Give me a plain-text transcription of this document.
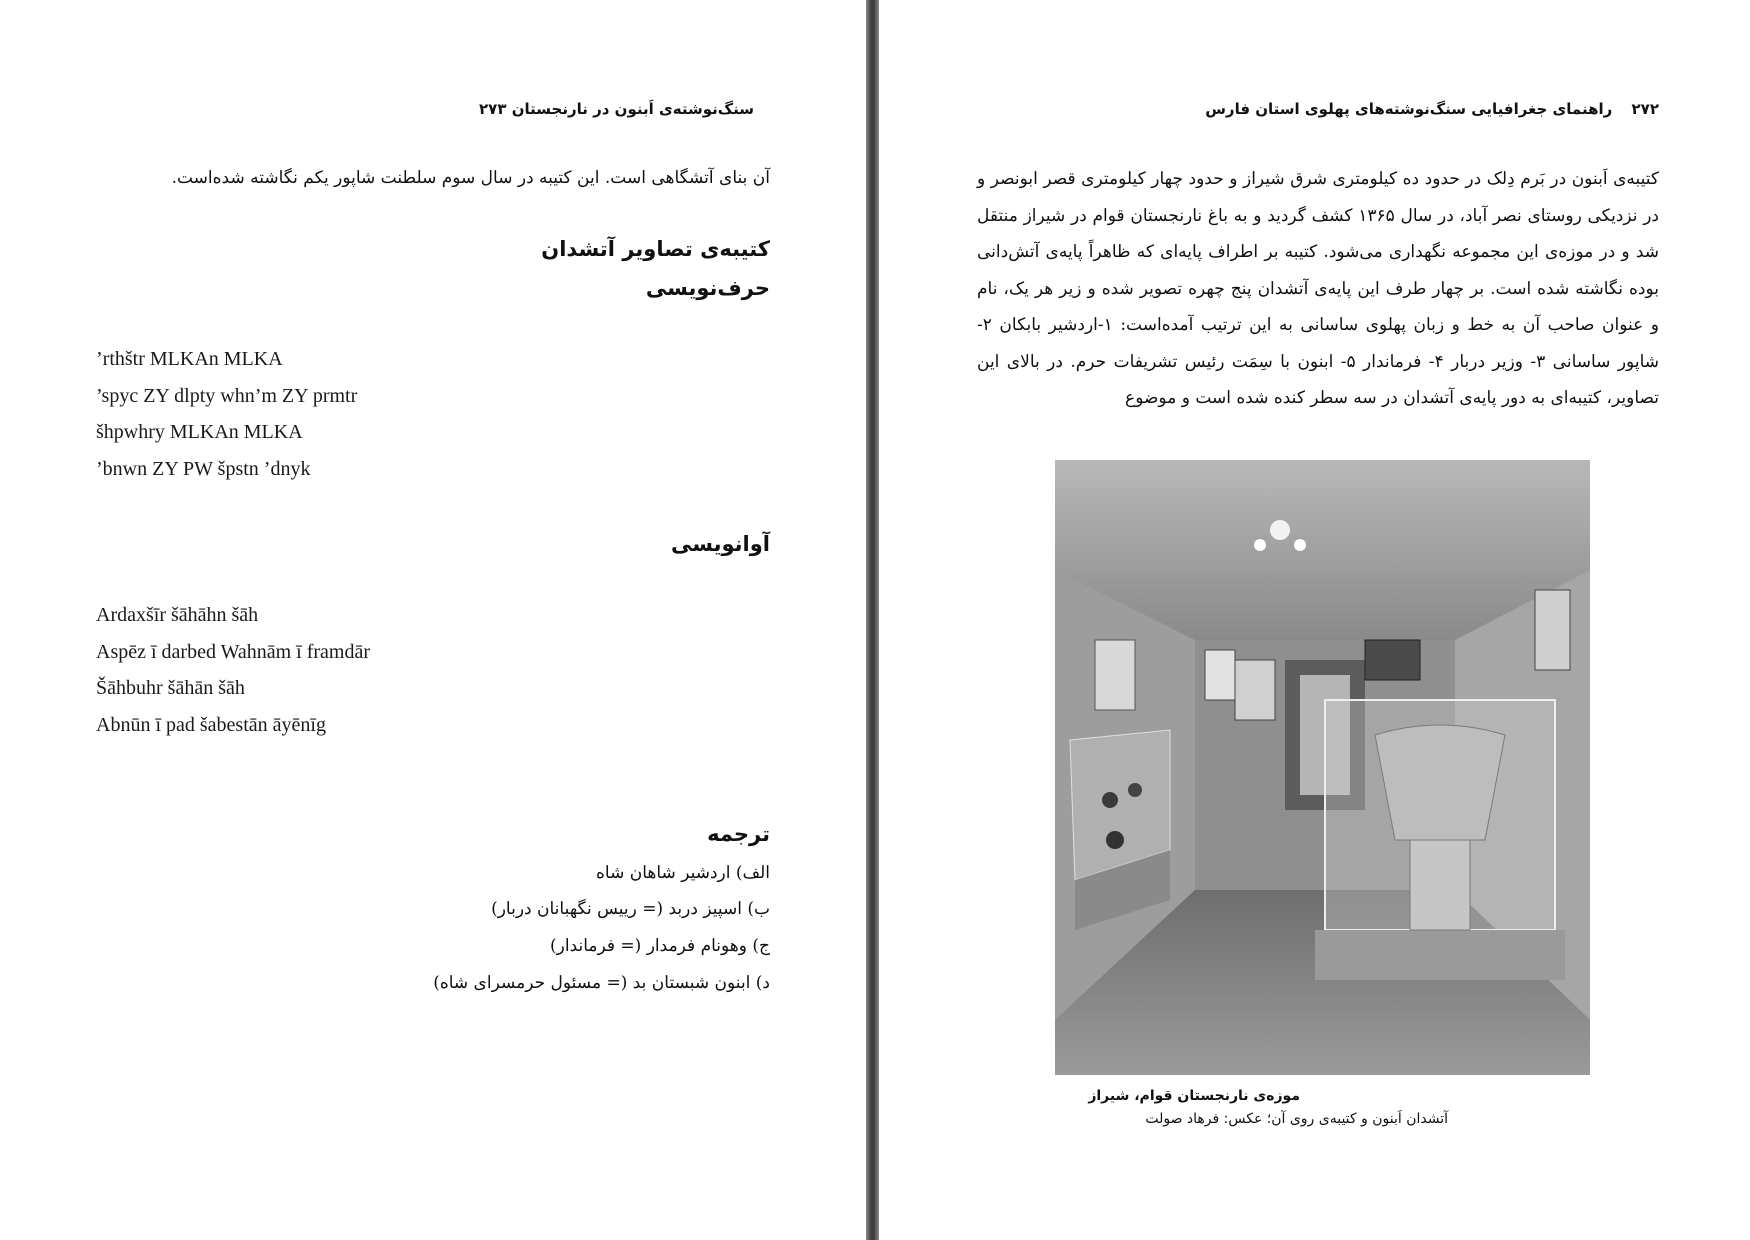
سنگ‌نوشته‌ی اَبنون در نارنجستان ۲۷۳
آن بنای آتشگاهی است. این کتیبه در سال سوم سلطنت شاپور یکم نگاشته شده‌است.
کتیبه‌ی تصاویر آتشدان
حرف‌نویسی
’rthštr MLKAn MLKA
’spyc ZY dlpty whn’m ZY prmtr
šhpwhry MLKAn MLKA
’bnwn ZY PW špstn ’dnyk
آوانویسی
Ardaxšīr šāhāhn šāh
Aspēz ī darbed Wahnām ī framdār
Šāhbuhr šāhān šāh
Abnūn ī pad šabestān āyēnīg
ترجمه
الف) اردشیر شاهان شاه
ب) اسپیز دربد (= رییس نگهبانان دربار)
ج) وهونام فرمدار (= فرماندار)
د) ابنون شبستان بد (= مسئول حرمسرای شاه)
۲۷۲ راهنمای جغرافیایی سنگ‌نوشته‌های پهلوی استان فارس
کتیبه‌ی اَبنون در بَرم دِلک در حدود ده کیلومتری شرق شیراز و حدود چهار کیلومتری قصر ابونصر و در نزدیکی روستای نصر آباد، در سال ۱۳۶۵ کشف گردید و به باغ نارنجستان قوام در شیراز منتقل شد و در موزه‌ی این مجموعه نگهداری می‌شود. کتیبه بر اطراف پایه‌ای که ظاهراً پایه‌ی آتش‌دانی بوده نگاشته شده است. بر چهار طرف این پایه‌ی آتشدان پنج چهره تصویر شده و زیر هر یک، نام و عنوان صاحب آن به خط و زبان پهلوی ساسانی به این ترتیب آمده‌است: ۱-اردشیر بابکان ۲- شاپور ساسانی ۳- وزیر دربار ۴- فرماندار ۵- ابنون با سِمَت رئیس تشریفات حرم. در بالای این تصاویر، کتیبه‌ای به دور پایه‌ی آتشدان در سه سطر کنده شده است و موضوع
موزه‌ی نارنجستان قوام، شیراز
آتشدان اَبنون و کتیبه‌ی روی آن؛ عکس: فرهاد صولت
